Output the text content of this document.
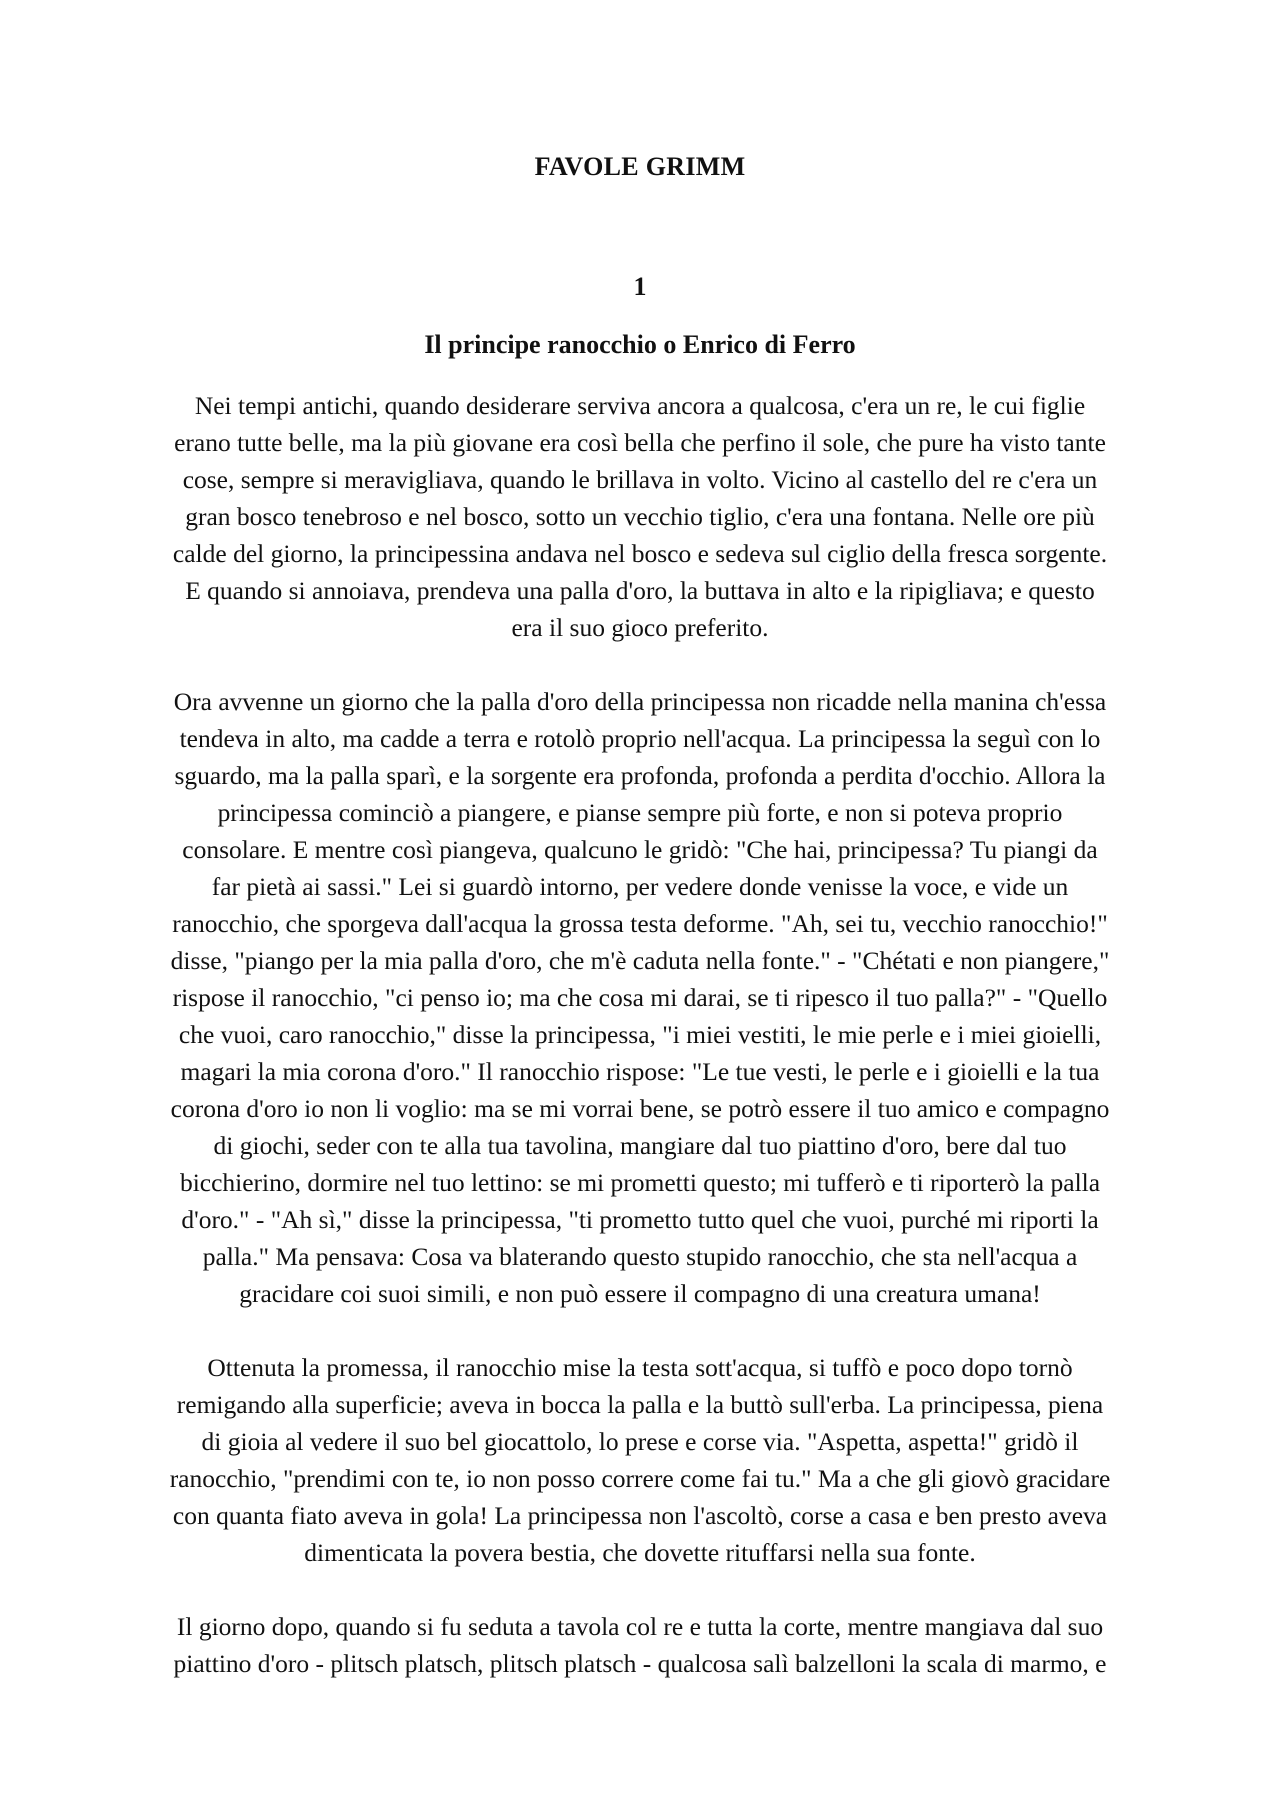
FAVOLE GRIMM
1
Il principe ranocchio o Enrico di Ferro
Nei tempi antichi, quando desiderare serviva ancora a qualcosa, c'era un re, le cui figlie
erano tutte belle, ma la più giovane era così bella che perfino il sole, che pure ha visto tante
cose, sempre si meravigliava, quando le brillava in volto. Vicino al castello del re c'era un
gran bosco tenebroso e nel bosco, sotto un vecchio tiglio, c'era una fontana. Nelle ore più
calde del giorno, la principessina andava nel bosco e sedeva sul ciglio della fresca sorgente.
E quando si annoiava, prendeva una palla d'oro, la buttava in alto e la ripigliava; e questo
era il suo gioco preferito.
Ora avvenne un giorno che la palla d'oro della principessa non ricadde nella manina ch'essa
tendeva in alto, ma cadde a terra e rotolò proprio nell'acqua. La principessa la seguì con lo
sguardo, ma la palla sparì, e la sorgente era profonda, profonda a perdita d'occhio. Allora la
principessa cominciò a piangere, e pianse sempre più forte, e non si poteva proprio
consolare. E mentre così piangeva, qualcuno le gridò: "Che hai, principessa? Tu piangi da
far pietà ai sassi." Lei si guardò intorno, per vedere donde venisse la voce, e vide un
ranocchio, che sporgeva dall'acqua la grossa testa deforme. "Ah, sei tu, vecchio ranocchio!"
disse, "piango per la mia palla d'oro, che m'è caduta nella fonte." - "Chétati e non piangere,"
rispose il ranocchio, "ci penso io; ma che cosa mi darai, se ti ripesco il tuo palla?" - "Quello
che vuoi, caro ranocchio," disse la principessa, "i miei vestiti, le mie perle e i miei gioielli,
magari la mia corona d'oro." Il ranocchio rispose: "Le tue vesti, le perle e i gioielli e la tua
corona d'oro io non li voglio: ma se mi vorrai bene, se potrò essere il tuo amico e compagno
di giochi, seder con te alla tua tavolina, mangiare dal tuo piattino d'oro, bere dal tuo
bicchierino, dormire nel tuo lettino: se mi prometti questo; mi tufferò e ti riporterò la palla
d'oro." - "Ah sì," disse la principessa, "ti prometto tutto quel che vuoi, purché mi riporti la
palla." Ma pensava: Cosa va blaterando questo stupido ranocchio, che sta nell'acqua a
gracidare coi suoi simili, e non può essere il compagno di una creatura umana!
Ottenuta la promessa, il ranocchio mise la testa sott'acqua, si tuffò e poco dopo tornò
remigando alla superficie; aveva in bocca la palla e la buttò sull'erba. La principessa, piena
di gioia al vedere il suo bel giocattolo, lo prese e corse via. "Aspetta, aspetta!" gridò il
ranocchio, "prendimi con te, io non posso correre come fai tu." Ma a che gli giovò gracidare
con quanta fiato aveva in gola! La principessa non l'ascoltò, corse a casa e ben presto aveva
dimenticata la povera bestia, che dovette rituffarsi nella sua fonte.
Il giorno dopo, quando si fu seduta a tavola col re e tutta la corte, mentre mangiava dal suo
piattino d'oro - plitsch platsch, plitsch platsch - qualcosa salì balzelloni la scala di marmo, e
